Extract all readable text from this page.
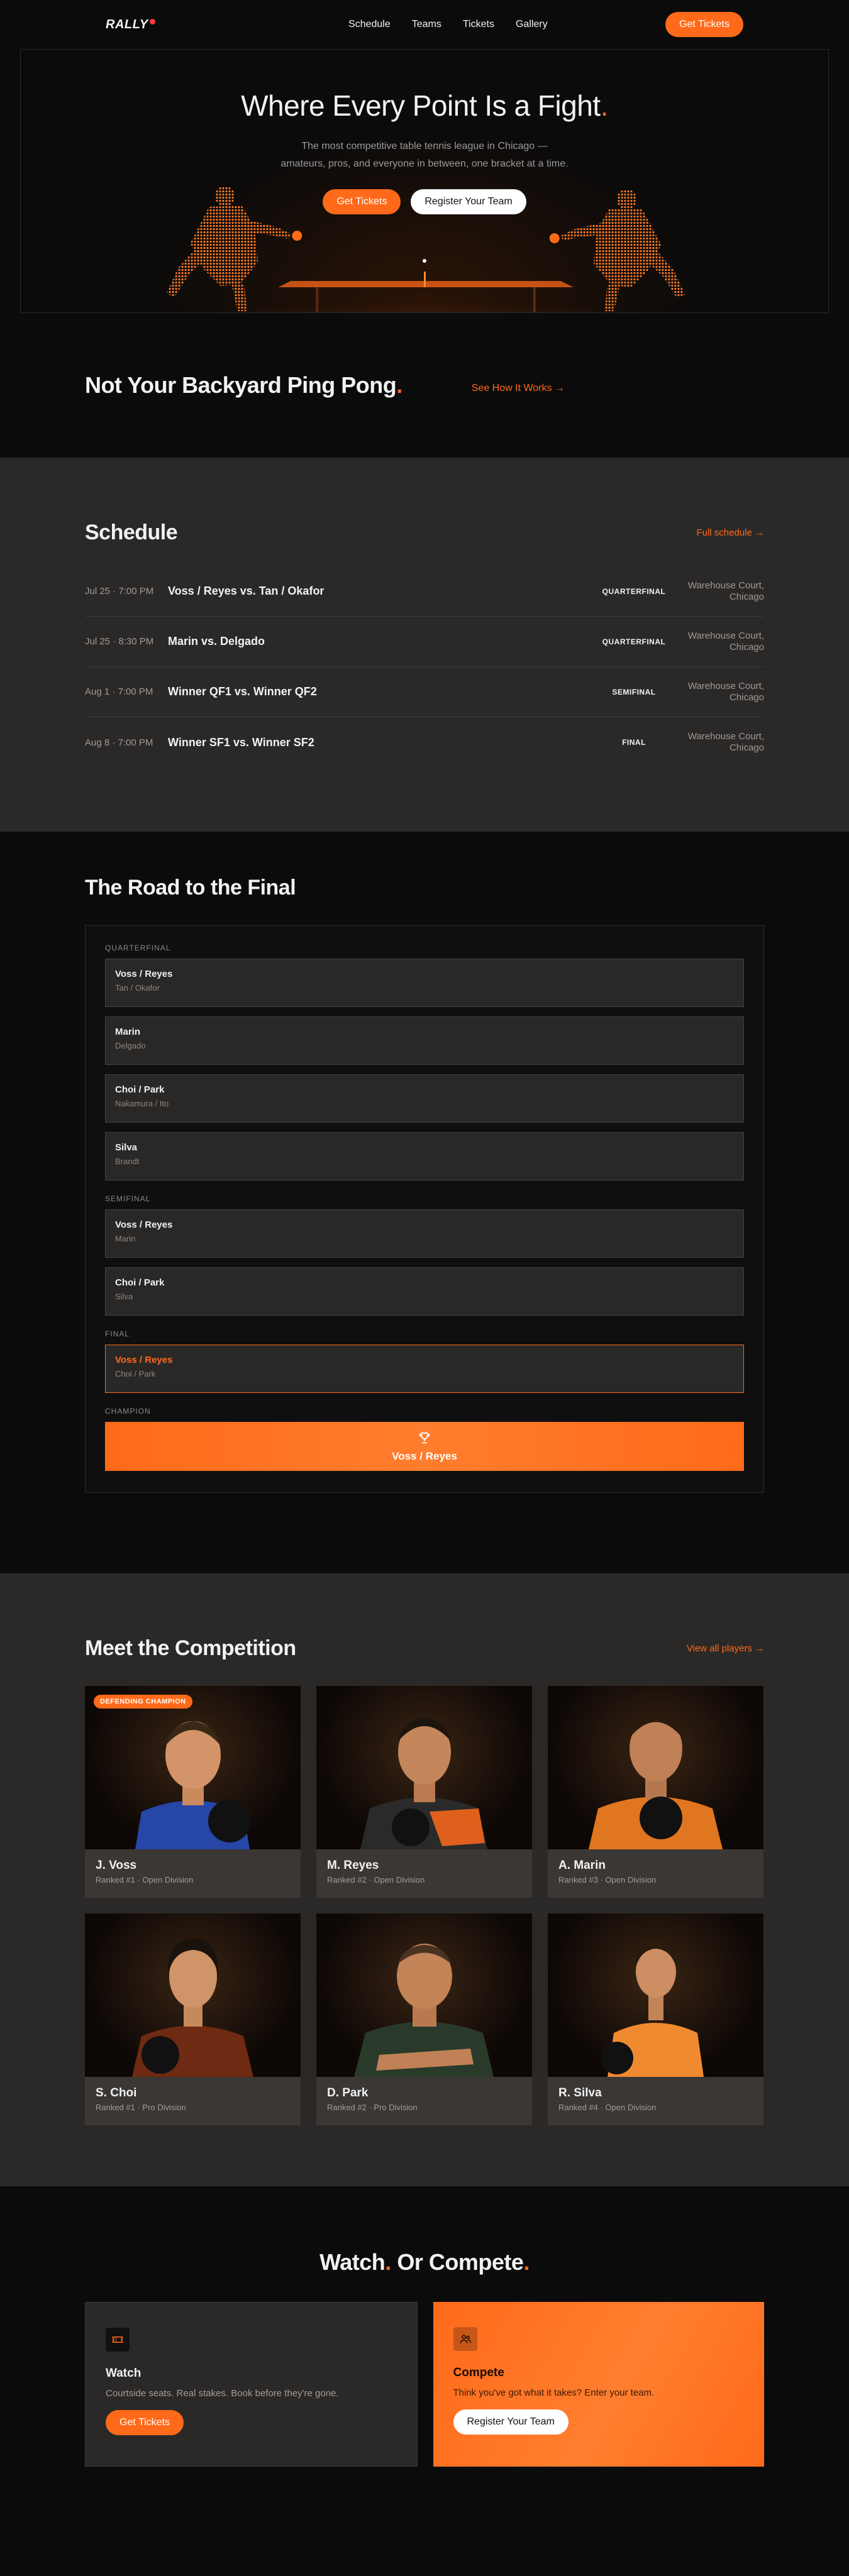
RALLY	Schedule Teams Tickets Gallery	Get Tickets
Where Every Point Is a Fight.

The most competitive table tennis league in Chicago —
amateurs, pros, and everyone in between, one bracket at a time.

Get Tickets	Register Your Team
Not Your Backyard Ping Pong.	See How It Works →
Schedule	Full schedule →
Jul 25 · 7:00 PM	Voss / Reyes vs. Tan / Okafor	QUARTERFINAL
Warehouse Court,
Chicago
Jul 25 · 8:30 PM	Marin vs. Delgado	QUARTERFINAL
Warehouse Court,
Chicago
Aug 1 · 7:00 PM	Winner QF1 vs. Winner QF2	SEMIFINAL
Warehouse Court,
Chicago
Aug 8 · 7:00 PM	Winner SF1 vs. Winner SF2	FINAL
Warehouse Court,
Chicago
The Road to the Final
QUARTERFINAL
Voss / Reyes
Tan / Okafor
Marin
Delgado
Choi / Park
Nakamura / Ito
Silva
Brandt
SEMIFINAL
Voss / Reyes
Marin
Choi / Park
Silva
FINAL
Voss / Reyes
Choi / Park
CHAMPION
Voss / Reyes
Meet the Competition	View all players →
DEFENDING CHAMPION
J. Voss
Ranked #1 · Open Division
M. Reyes
Ranked #2 · Open Division
A. Marin
Ranked #3 · Open Division
S. Choi
Ranked #1 · Pro Division
D. Park
Ranked #2 · Pro Division
R. Silva
Ranked #4 · Open Division
Watch. Or Compete.
Watch

Courtside seats. Real stakes. Book before they're gone.

Get Tickets
Compete

Think you've got what it takes? Enter your team.

Register Your Team
